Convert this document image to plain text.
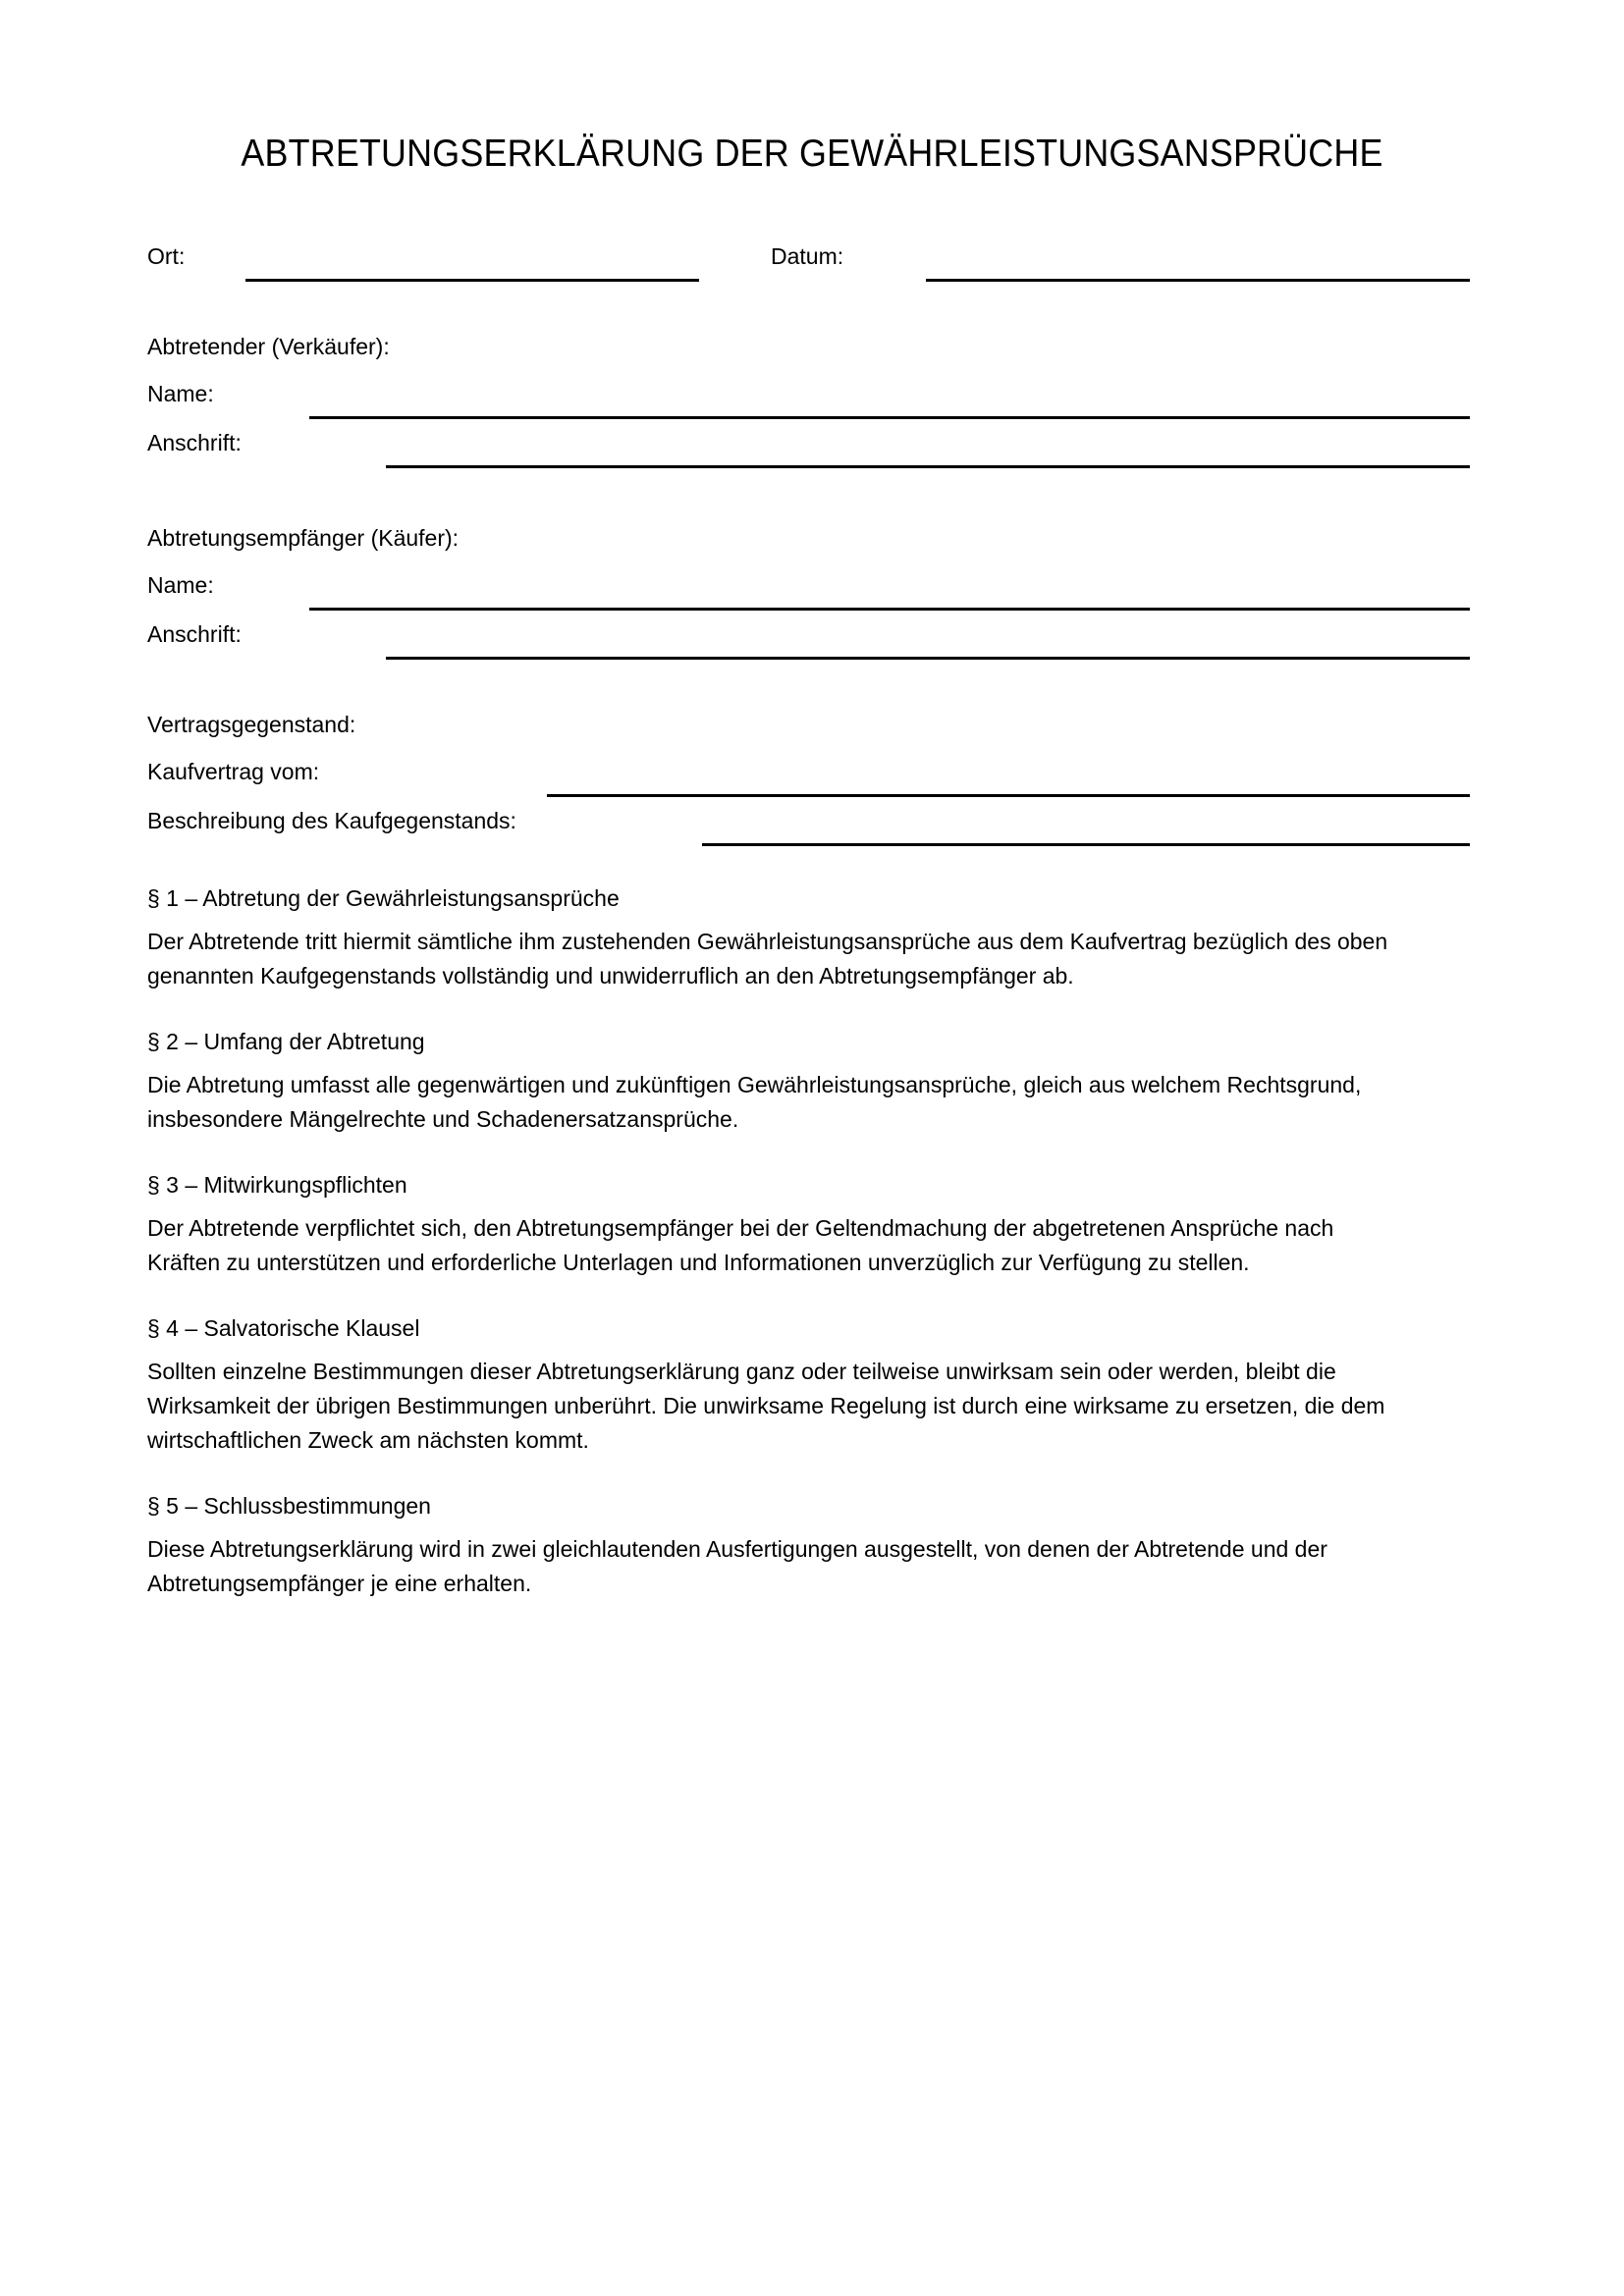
ABTRETUNGSERKLÄRUNG DER GEWÄHRLEISTUNGSANSPRÜCHE
Ort:	Datum:

Abtretender (Verkäufer):

Name:
Anschrift:

Abtretungsempfänger (Käufer):

Name:
Anschrift:

Vertragsgegenstand:

Kaufvertrag vom:
Beschreibung des Kaufgegenstands:

§ 1 – Abtretung der Gewährleistungsansprüche

Der Abtretende tritt hiermit sämtliche ihm zustehenden Gewährleistungsansprüche aus dem Kaufvertrag bezüglich des oben genannten Kaufgegenstands vollständig und unwiderruflich an den Abtretungsempfänger ab.

§ 2 – Umfang der Abtretung

Die Abtretung umfasst alle gegenwärtigen und zukünftigen Gewährleistungsansprüche, gleich aus welchem Rechtsgrund, insbesondere Mängelrechte und Schadenersatzansprüche.

§ 3 – Mitwirkungspflichten

Der Abtretende verpflichtet sich, den Abtretungsempfänger bei der Geltendmachung der abgetretenen Ansprüche nach Kräften zu unterstützen und erforderliche Unterlagen und Informationen unverzüglich zur Verfügung zu stellen.

§ 4 – Salvatorische Klausel

Sollten einzelne Bestimmungen dieser Abtretungserklärung ganz oder teilweise unwirksam sein oder werden, bleibt die Wirksamkeit der übrigen Bestimmungen unberührt. Die unwirksame Regelung ist durch eine wirksame zu ersetzen, die dem wirtschaftlichen Zweck am nächsten kommt.

§ 5 – Schlussbestimmungen

Diese Abtretungserklärung wird in zwei gleichlautenden Ausfertigungen ausgestellt, von denen der Abtretende und der Abtretungsempfänger je eine erhalten.
